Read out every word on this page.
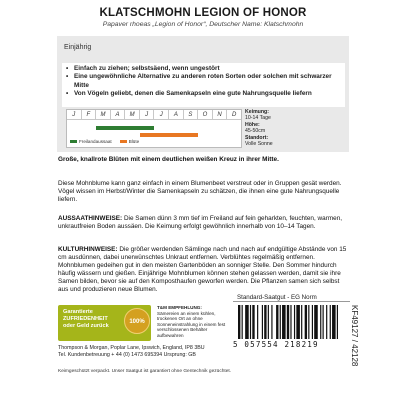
KLATSCHMOHN LEGION OF HONOR
Papaver rhoeas „Legion of Honor“, Deutscher Name: Klatschmohn
Einjährig
• Einfach zu ziehen; selbstsäend, wenn ungestört
• Eine ungewöhnliche Alternative zu anderen roten Sorten oder solchen mit schwarzer Mitte
• Von Vögeln geliebt, denen die Samenkapseln eine gute Nahrungsquelle liefern
J	F	M	A	M	J	J	A	S	O	N	D
Freilandaussaat	Blüte
Keimung:
10-14 Tage
Höhe:
45-50cm
Standort:
Volle Sonne
Große, knallrote Blüten mit einem deutlichen weißen Kreuz in ihrer Mitte.
Diese Mohnblume kann ganz einfach in einem Blumenbeet verstreut oder in Gruppen gesät werden. Vögel wissen im Herbst/Winter die Samenkapseln zu schätzen, die ihnen eine gute Nahrungsquelle liefern.
AUSSAATHINWEISE: Die Samen dünn 3 mm tief im Freiland auf fein geharkten, feuchten, warmen, unkrautfreien Boden aussäen. Die Keimung erfolgt gewöhnlich innerhalb von 10–14 Tagen.
KULTURHINWEISE: Die größer werdenden Sämlinge nach und nach auf endgültige Abstände von 15 cm ausdünnen, dabei unerwünschtes Unkraut entfernen. Verblühtes regelmäßig entfernen. Mohnblumen gedeihen gut in den meisten Gartenböden an sonniger Stelle. Den Sommer hindurch häufig wässern und gießen. Einjährige Mohnblumen können stehen gelassen werden, damit sie ihre Samen bilden, bevor sie auf den Komposthaufen geworfen werden. Die Pflanzen samen sich selbst aus und produzieren neue Blumen.
Garantierte
ZUFRIEDENHEIT
oder Geld zurück
100%
T&M EMPFEHLUNG:
Sämereien an einem kühlen, trockenen Ort an ohne Sonneneinstrahlung in einem fest verschlossenen Behälter aufbewahren
Standard-Saatgut - EG Norm
5 057554 218219	KF49127 / 42128
Thompson & Morgan, Poplar Lane, Ipswich, England, IP8 3BU
Tel. Kundenbetreuung + 44 (0) 1473 695394 Ursprung: GB
Keimgeschützt verpackt. Unser Saatgut ist garantiert ohne Gentechnik gezüchtet.
